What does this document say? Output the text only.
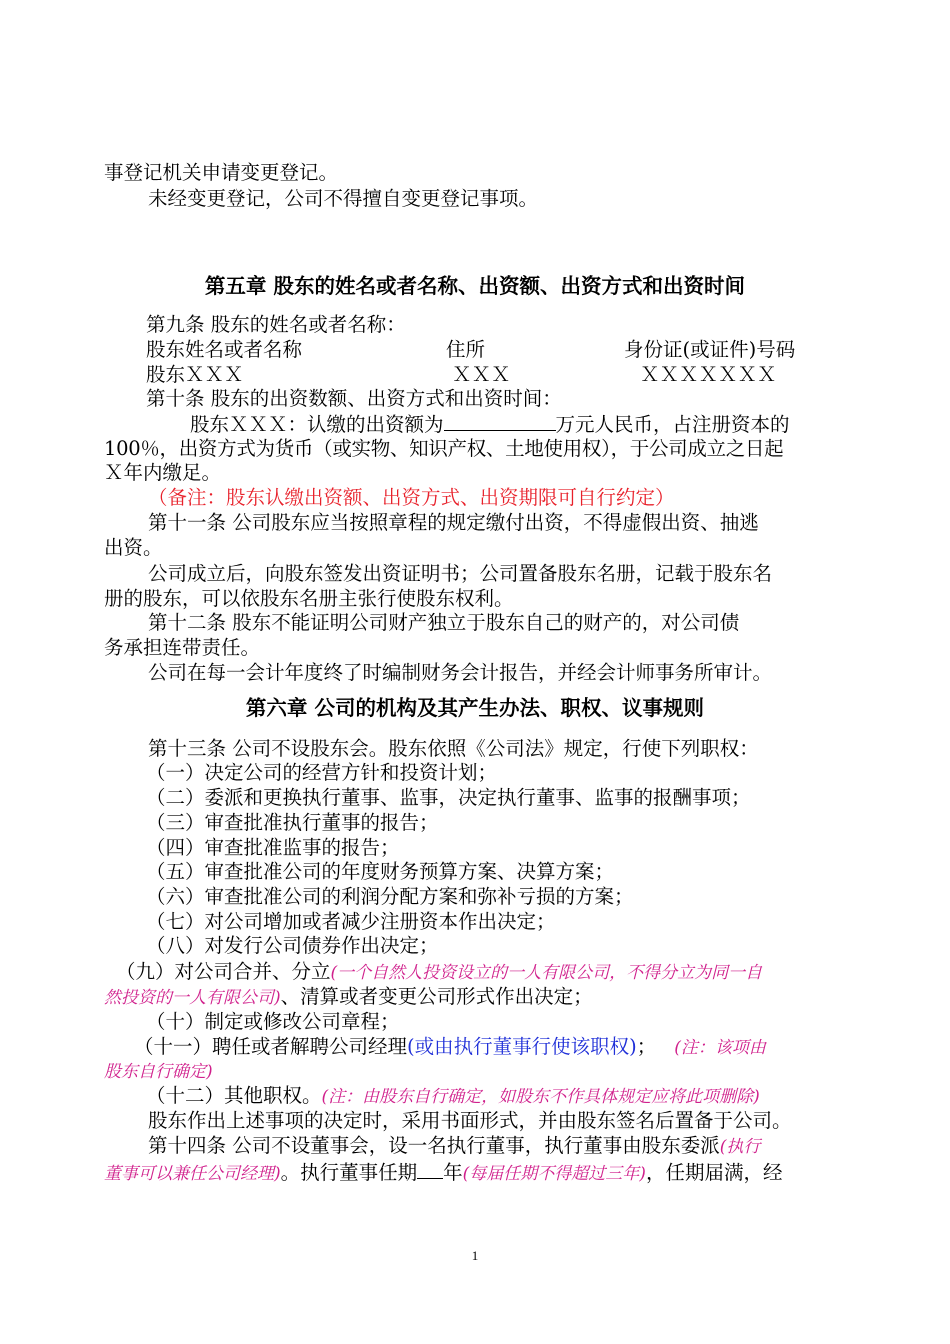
事登记机关申请变更登记。
未经变更登记，公司不得擅自变更登记事项。
第五章 股东的姓名或者名称、出资额、出资方式和出资时间
第九条 股东的姓名或者名称：
股东姓名或者名称	住所	身份证(或证件)号码
股东ＸＸＸ	ＸＸＸ	ＸＸＸＸＸＸＸ
第十条 股东的出资数额、出资方式和出资时间：
股东ＸＸＸ：认缴的出资额为	万元人民币，占注册资本的
100％，出资方式为货币（或实物、知识产权、土地使用权），于公司成立之日起
Ｘ年内缴足。
（备注：股东认缴出资额、出资方式、出资期限可自行约定）
第十一条 公司股东应当按照章程的规定缴付出资，不得虚假出资、抽逃
出资。
公司成立后，向股东签发出资证明书；公司置备股东名册，记载于股东名
册的股东，可以依股东名册主张行使股东权利。
第十二条 股东不能证明公司财产独立于股东自己的财产的，对公司债
务承担连带责任。
公司在每一会计年度终了时编制财务会计报告，并经会计师事务所审计。
第六章 公司的机构及其产生办法、职权、议事规则
第十三条 公司不设股东会。股东依照《公司法》规定，行使下列职权：
（一）决定公司的经营方针和投资计划；
（二）委派和更换执行董事、监事，决定执行董事、监事的报酬事项；
（三）审查批准执行董事的报告；
（四）审查批准监事的报告；
（五）审查批准公司的年度财务预算方案、决算方案；
（六）审查批准公司的利润分配方案和弥补亏损的方案；
（七）对公司增加或者减少注册资本作出决定；
（八）对发行公司债券作出决定；
（九）对公司合并、分立(一个自然人投资设立的一人有限公司，不得分立为同一自
然投资的一人有限公司)、清算或者变更公司形式作出决定；
（十）制定或修改公司章程；
（十一）聘任或者解聘公司经理(或由执行董事行使该职权)； (注：该项由
股东自行确定)
（十二）其他职权。(注：由股东自行确定，如股东不作具体规定应将此项删除)
股东作出上述事项的决定时，采用书面形式，并由股东签名后置备于公司。
第十四条 公司不设董事会，设一名执行董事，执行董事由股东委派(执行
董事可以兼任公司经理)。执行董事任期 年(每届任期不得超过三年)，任期届满，经
1
